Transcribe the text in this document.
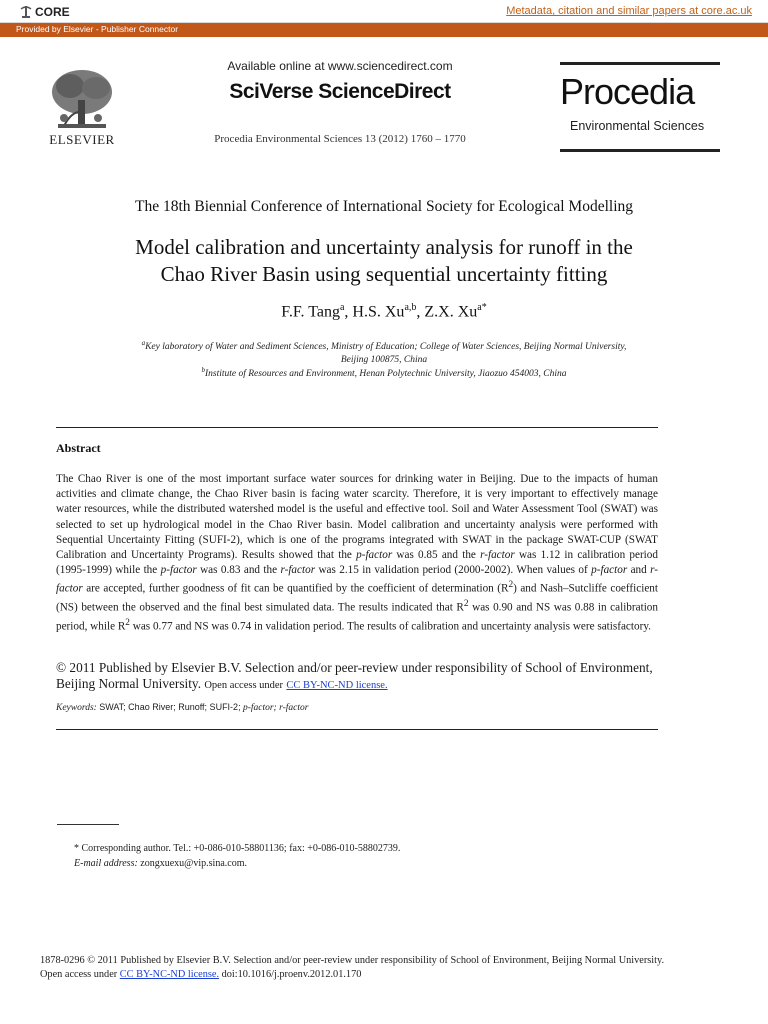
CORE	Metadata, citation and similar papers at core.ac.uk
Provided by Elsevier - Publisher Connector
ELSEVIER
Available online at www.sciencedirect.com
SciVerse ScienceDirect
Procedia Environmental Sciences 13 (2012) 1760 – 1770
Procedia
Environmental Sciences
The 18th Biennial Conference of International Society for Ecological Modelling
Model calibration and uncertainty analysis for runoff in the
Chao River Basin using sequential uncertainty fitting
F.F. Tang$^a$, H.S. Xu$^{a,b}$, Z.X. $Xu^{a*}$
$^a$Key laboratory of Water and Sediment Sciences, Ministry of Education; College of Water Sciences, Beijing Normal University,
Beijing 100875, China
$^b$Institute of Resources and Environment, Henan Polytechnic University, Jiaozuo 454003, China
Abstract
The Chao River is one of the most important surface water sources for drinking water in Beijing. Due to the impacts of human activities and climate change, the Chao River basin is facing water scarcity. Therefore, it is very important to effectively manage water resources, while the distributed watershed model is the useful and effective tool. Soil and Water Assessment Tool (SWAT) was selected to set up hydrological model in the Chao River basin. Model calibration and uncertainty analysis were performed with Sequential Uncertainty Fitting (SUFI-2), which is one of the programs integrated with SWAT in the package SWAT-CUP (SWAT Calibration and Uncertainty Programs). Results showed that the p-factor was 0.85 and the r-factor was 1.12 in calibration period (1995-1999) while the p-factor was 0.83 and the r-factor was 2.15 in validation period (2000-2002). When values of p-factor and r-factor are accepted, further goodness of fit can be quantified by the coefficient of determination $(R^2)$ and Nash–Sutcliffe coefficient (NS) between the observed and the final best simulated data. The results indicated that $R^2$ was 0.90 and NS was 0.88 in calibration period, while $R^2$ was 0.77 and NS was 0.74 in validation period. The results of calibration and uncertainty analysis were satisfactory.
© 2011 Published by Elsevier B.V. Selection and/or peer-review under responsibility of School of Environment, Beijing Normal University. Open access under CC BY-NC-ND license.
Keywords: SWAT; Chao River; Runoff; SUFI-2; p-factor; r-factor
* Corresponding author. Tel.: +0-086-010-58801136; fax: +0-086-010-58802739.
E-mail address: zongxuexu@vip.sina.com.
1878-0296 © 2011 Published by Elsevier B.V. Selection and/or peer-review under responsibility of School of Environment, Beijing Normal University.
Open access under CC BY-NC-ND license. doi:10.1016/j.proenv.2012.01.170
